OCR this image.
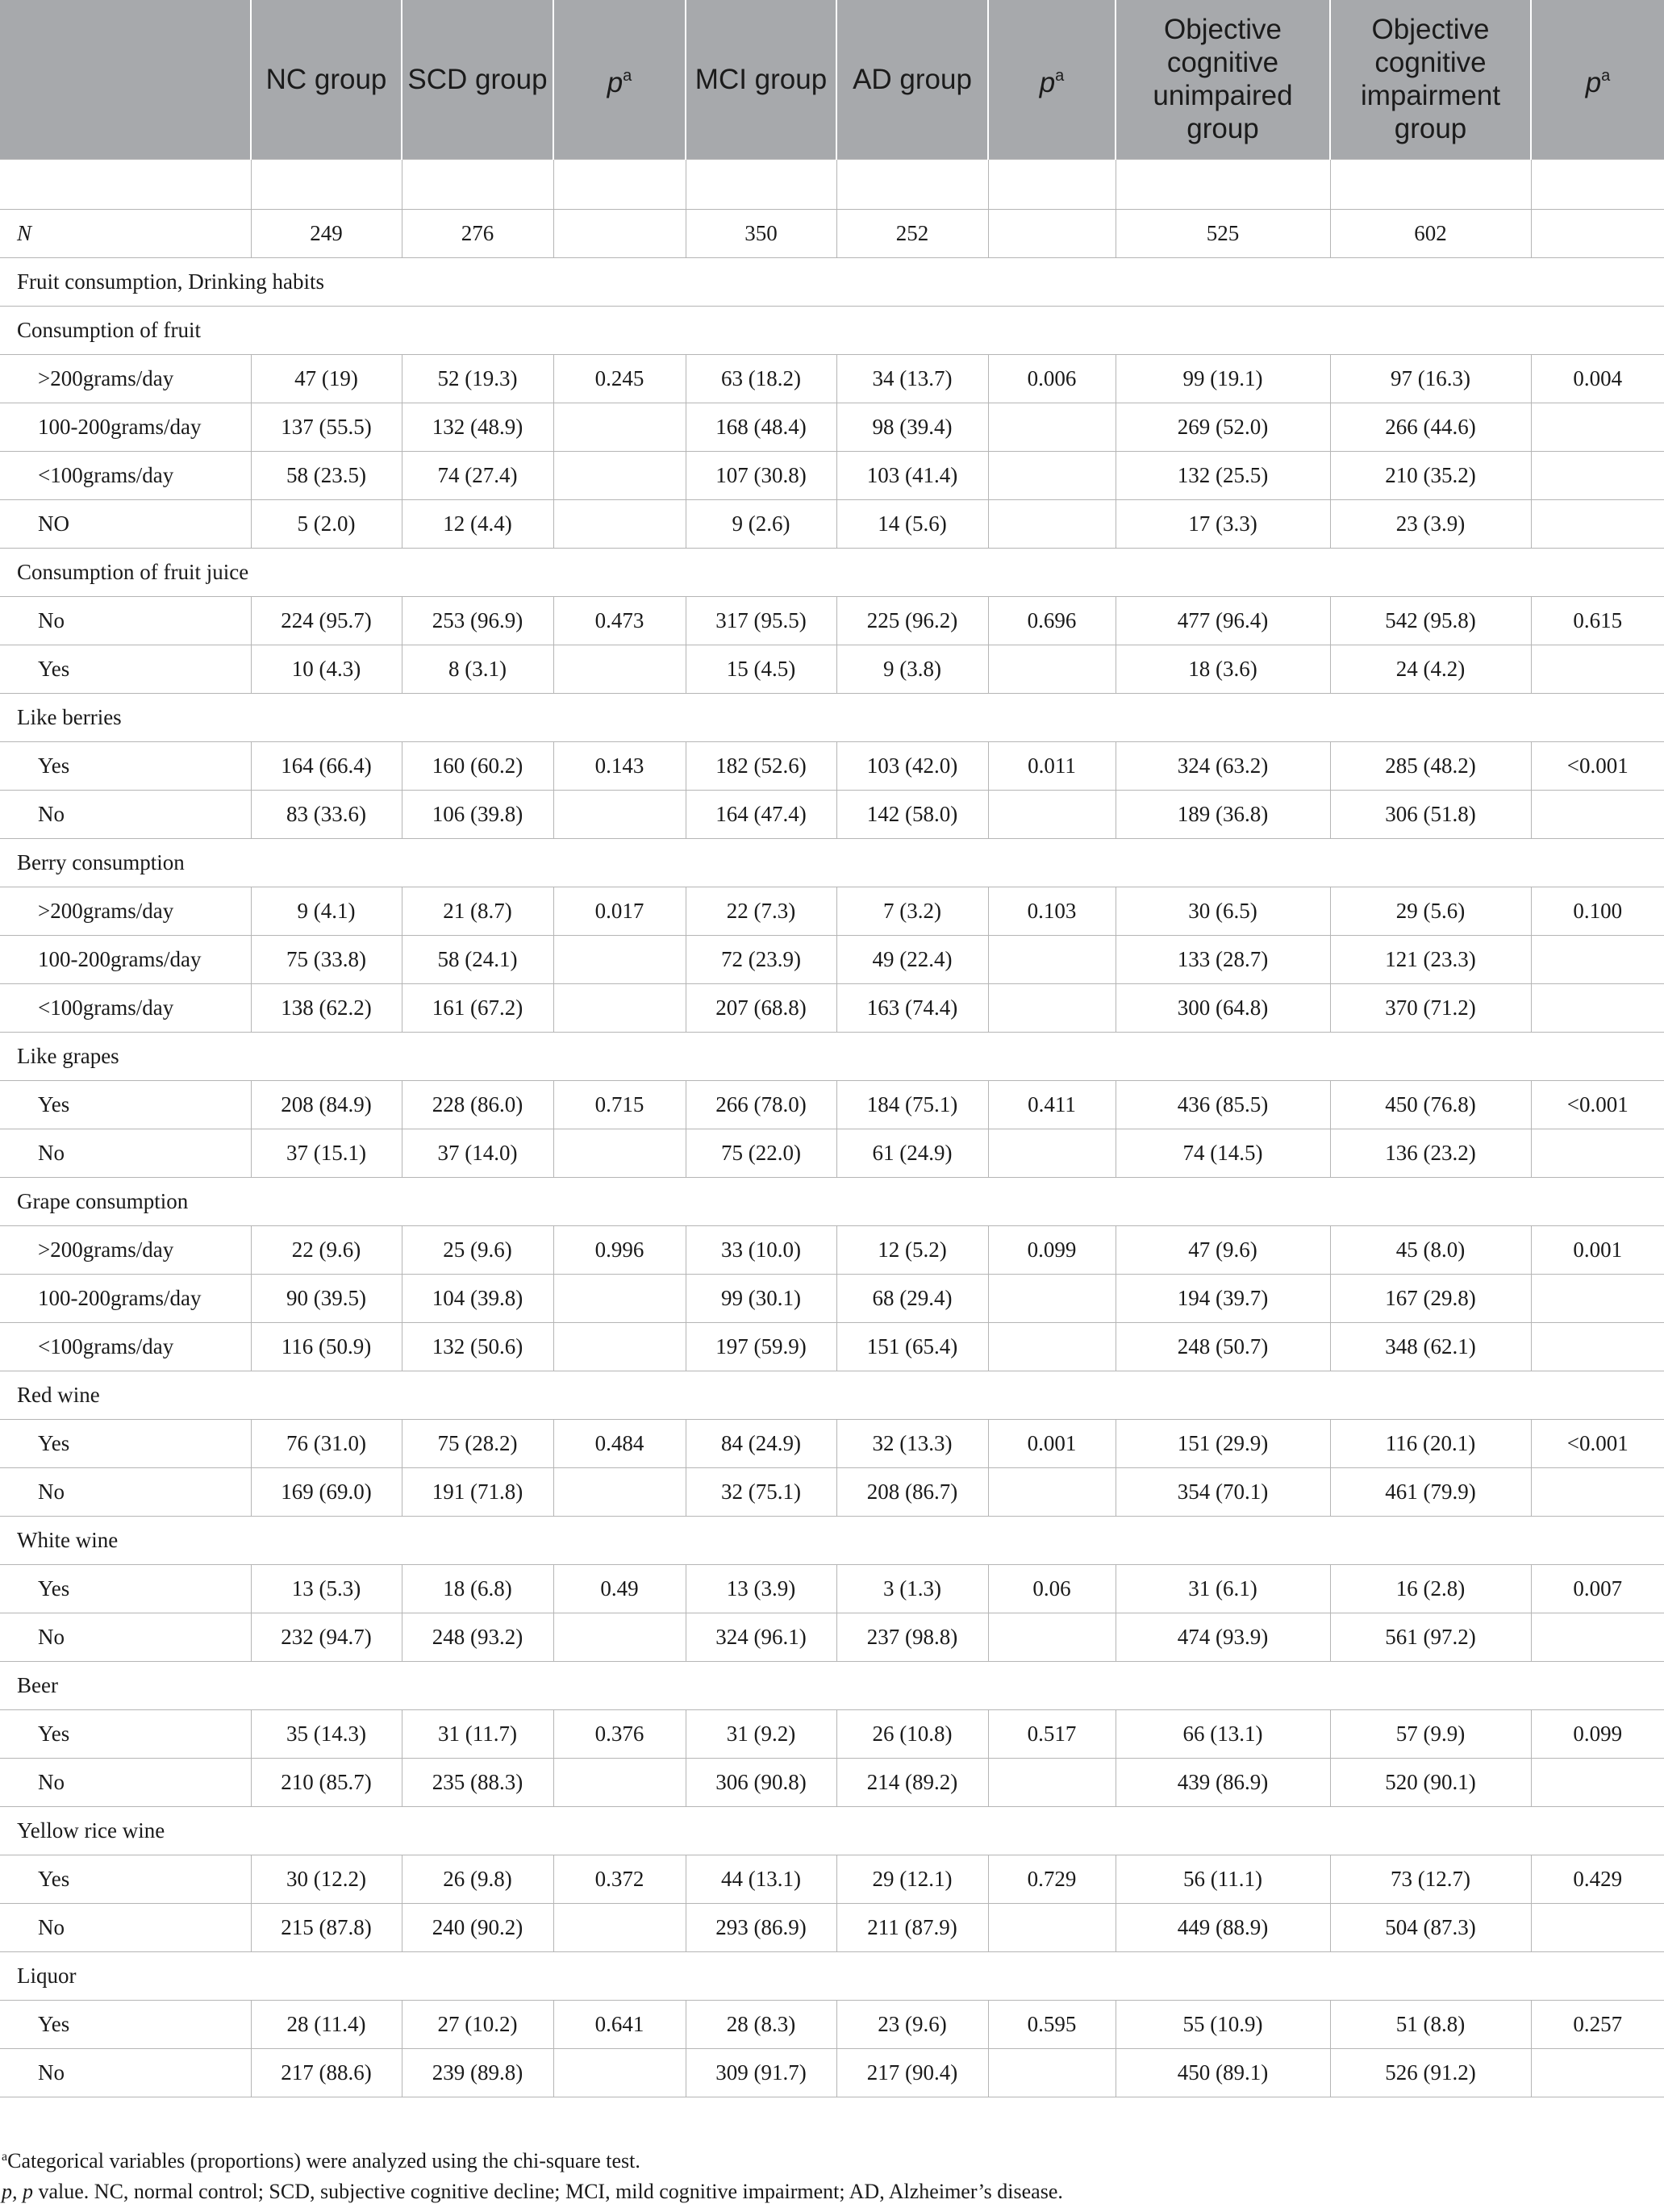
	NC group	SCD group	$p^a$	MCI group	AD group	$p^a$	Objective cognitive unimpaired group	Objective cognitive impairment group	$p^a$

N	249	276		350	252		525	602	
Fruit consumption, Drinking habits									
Consumption of fruit									
>200grams/day	47 (19)	52 (19.3)	0.245	63 (18.2)	34 (13.7)	0.006	99 (19.1)	97 (16.3)	0.004
100-200grams/day	137 (55.5)	132 (48.9)		168 (48.4)	98 (39.4)		269 (52.0)	266 (44.6)	
<100grams/day	58 (23.5)	74 (27.4)		107 (30.8)	103 (41.4)		132 (25.5)	210 (35.2)	
NO	5 (2.0)	12 (4.4)		9 (2.6)	14 (5.6)		17 (3.3)	23 (3.9)	
Consumption of fruit juice									
No	224 (95.7)	253 (96.9)	0.473	317 (95.5)	225 (96.2)	0.696	477 (96.4)	542 (95.8)	0.615
Yes	10 (4.3)	8 (3.1)		15 (4.5)	9 (3.8)		18 (3.6)	24 (4.2)	
Like berries									
Yes	164 (66.4)	160 (60.2)	0.143	182 (52.6)	103 (42.0)	0.011	324 (63.2)	285 (48.2)	<0.001
No	83 (33.6)	106 (39.8)		164 (47.4)	142 (58.0)		189 (36.8)	306 (51.8)	
Berry consumption									
>200grams/day	9 (4.1)	21 (8.7)	0.017	22 (7.3)	7 (3.2)	0.103	30 (6.5)	29 (5.6)	0.100
100-200grams/day	75 (33.8)	58 (24.1)		72 (23.9)	49 (22.4)		133 (28.7)	121 (23.3)	
<100grams/day	138 (62.2)	161 (67.2)		207 (68.8)	163 (74.4)		300 (64.8)	370 (71.2)	
Like grapes									
Yes	208 (84.9)	228 (86.0)	0.715	266 (78.0)	184 (75.1)	0.411	436 (85.5)	450 (76.8)	<0.001
No	37 (15.1)	37 (14.0)		75 (22.0)	61 (24.9)		74 (14.5)	136 (23.2)	
Grape consumption									
>200grams/day	22 (9.6)	25 (9.6)	0.996	33 (10.0)	12 (5.2)	0.099	47 (9.6)	45 (8.0)	0.001
100-200grams/day	90 (39.5)	104 (39.8)		99 (30.1)	68 (29.4)		194 (39.7)	167 (29.8)	
<100grams/day	116 (50.9)	132 (50.6)		197 (59.9)	151 (65.4)		248 (50.7)	348 (62.1)	
Red wine									
Yes	76 (31.0)	75 (28.2)	0.484	84 (24.9)	32 (13.3)	0.001	151 (29.9)	116 (20.1)	<0.001
No	169 (69.0)	191 (71.8)		32 (75.1)	208 (86.7)		354 (70.1)	461 (79.9)	
White wine									
Yes	13 (5.3)	18 (6.8)	0.49	13 (3.9)	3 (1.3)	0.06	31 (6.1)	16 (2.8)	0.007
No	232 (94.7)	248 (93.2)		324 (96.1)	237 (98.8)		474 (93.9)	561 (97.2)	
Beer									
Yes	35 (14.3)	31 (11.7)	0.376	31 (9.2)	26 (10.8)	0.517	66 (13.1)	57 (9.9)	0.099
No	210 (85.7)	235 (88.3)		306 (90.8)	214 (89.2)		439 (86.9)	520 (90.1)	
Yellow rice wine									
Yes	30 (12.2)	26 (9.8)	0.372	44 (13.1)	29 (12.1)	0.729	56 (11.1)	73 (12.7)	0.429
No	215 (87.8)	240 (90.2)		293 (86.9)	211 (87.9)		449 (88.9)	504 (87.3)	
Liquor									
Yes	28 (11.4)	27 (10.2)	0.641	28 (8.3)	23 (9.6)	0.595	55 (10.9)	51 (8.8)	0.257
No	217 (88.6)	239 (89.8)		309 (91.7)	217 (90.4)		450 (89.1)	526 (91.2)	
$^a$Categorical variables (proportions) were analyzed using the chi-square test.
p, p value. NC, normal control; SCD, subjective cognitive decline; MCI, mild cognitive impairment; AD, Alzheimer’s disease.
